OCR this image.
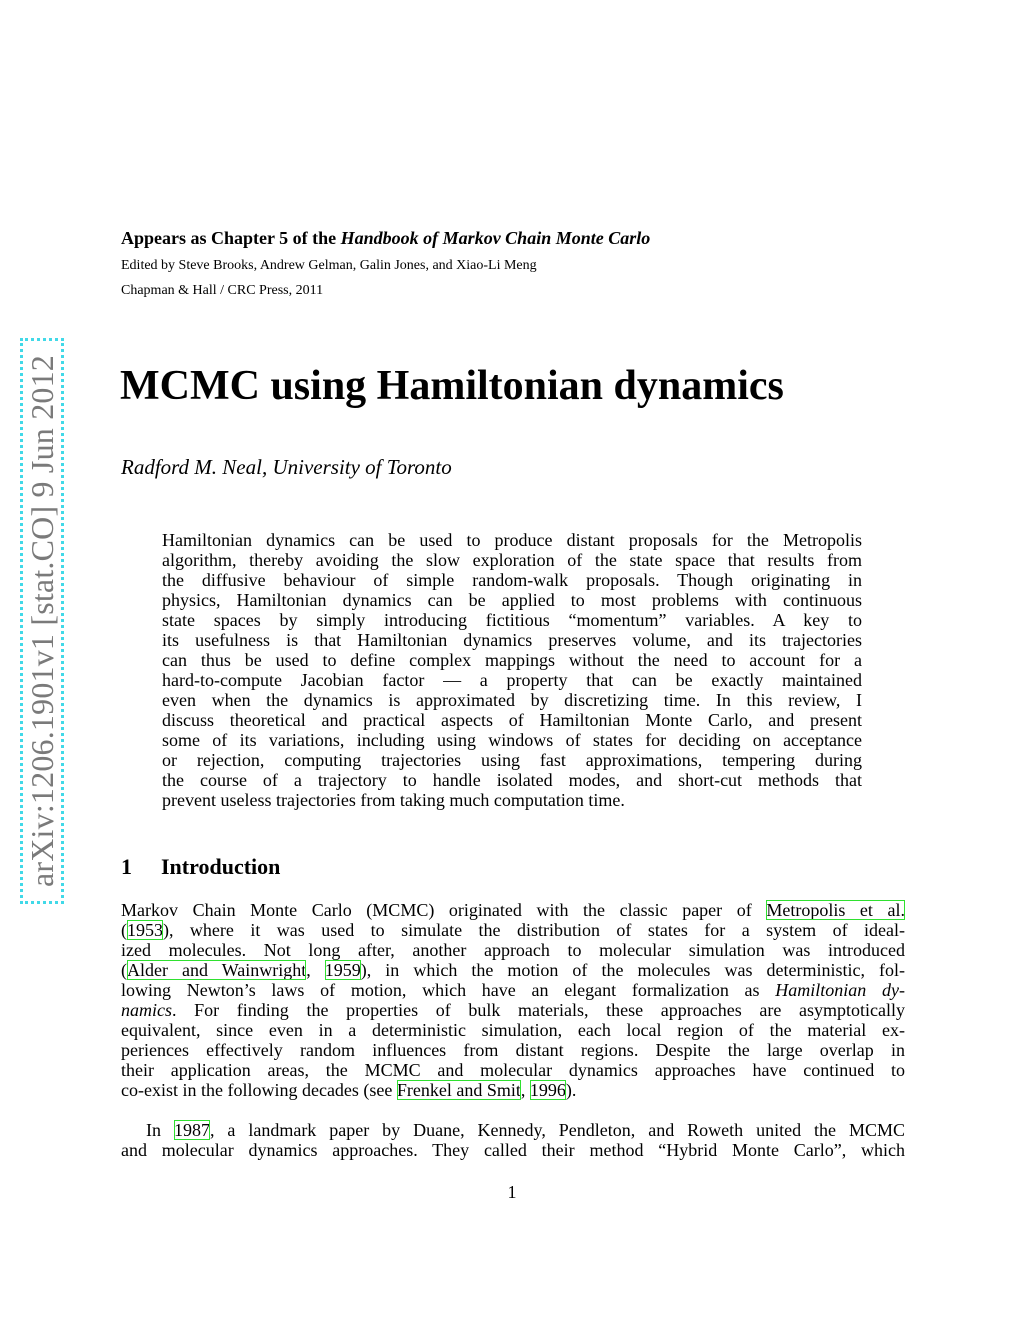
arXiv:1206.1901v1 [stat.CO] 9 Jun 2012
Appears as Chapter 5 of the Handbook of Markov Chain Monte Carlo
Edited by Steve Brooks, Andrew Gelman, Galin Jones, and Xiao-Li Meng
Chapman & Hall / CRC Press, 2011
MCMC using Hamiltonian dynamics
Radford M. Neal, University of Toronto
Hamiltonian dynamics can be used to produce distant proposals for the Metropolis
algorithm, thereby avoiding the slow exploration of the state space that results from
the diffusive behaviour of simple random-walk proposals. Though originating in
physics, Hamiltonian dynamics can be applied to most problems with continuous
state spaces by simply introducing fictitious “momentum” variables. A key to
its usefulness is that Hamiltonian dynamics preserves volume, and its trajectories
can thus be used to define complex mappings without the need to account for a
hard-to-compute Jacobian factor — a property that can be exactly maintained
even when the dynamics is approximated by discretizing time. In this review, I
discuss theoretical and practical aspects of Hamiltonian Monte Carlo, and present
some of its variations, including using windows of states for deciding on acceptance
or rejection, computing trajectories using fast approximations, tempering during
the course of a trajectory to handle isolated modes, and short-cut methods that
prevent useless trajectories from taking much computation time.
1 Introduction
Markov Chain Monte Carlo (MCMC) originated with the classic paper of Metropolis et al.
(1953), where it was used to simulate the distribution of states for a system of ideal-
ized molecules. Not long after, another approach to molecular simulation was introduced
(Alder and Wainwright, 1959), in which the motion of the molecules was deterministic, fol-
lowing Newton’s laws of motion, which have an elegant formalization as Hamiltonian dy-
namics. For finding the properties of bulk materials, these approaches are asymptotically
equivalent, since even in a deterministic simulation, each local region of the material ex-
periences effectively random influences from distant regions. Despite the large overlap in
their application areas, the MCMC and molecular dynamics approaches have continued to
co-exist in the following decades (see Frenkel and Smit, 1996).
In 1987, a landmark paper by Duane, Kennedy, Pendleton, and Roweth united the MCMC
and molecular dynamics approaches. They called their method “Hybrid Monte Carlo”, which
1
